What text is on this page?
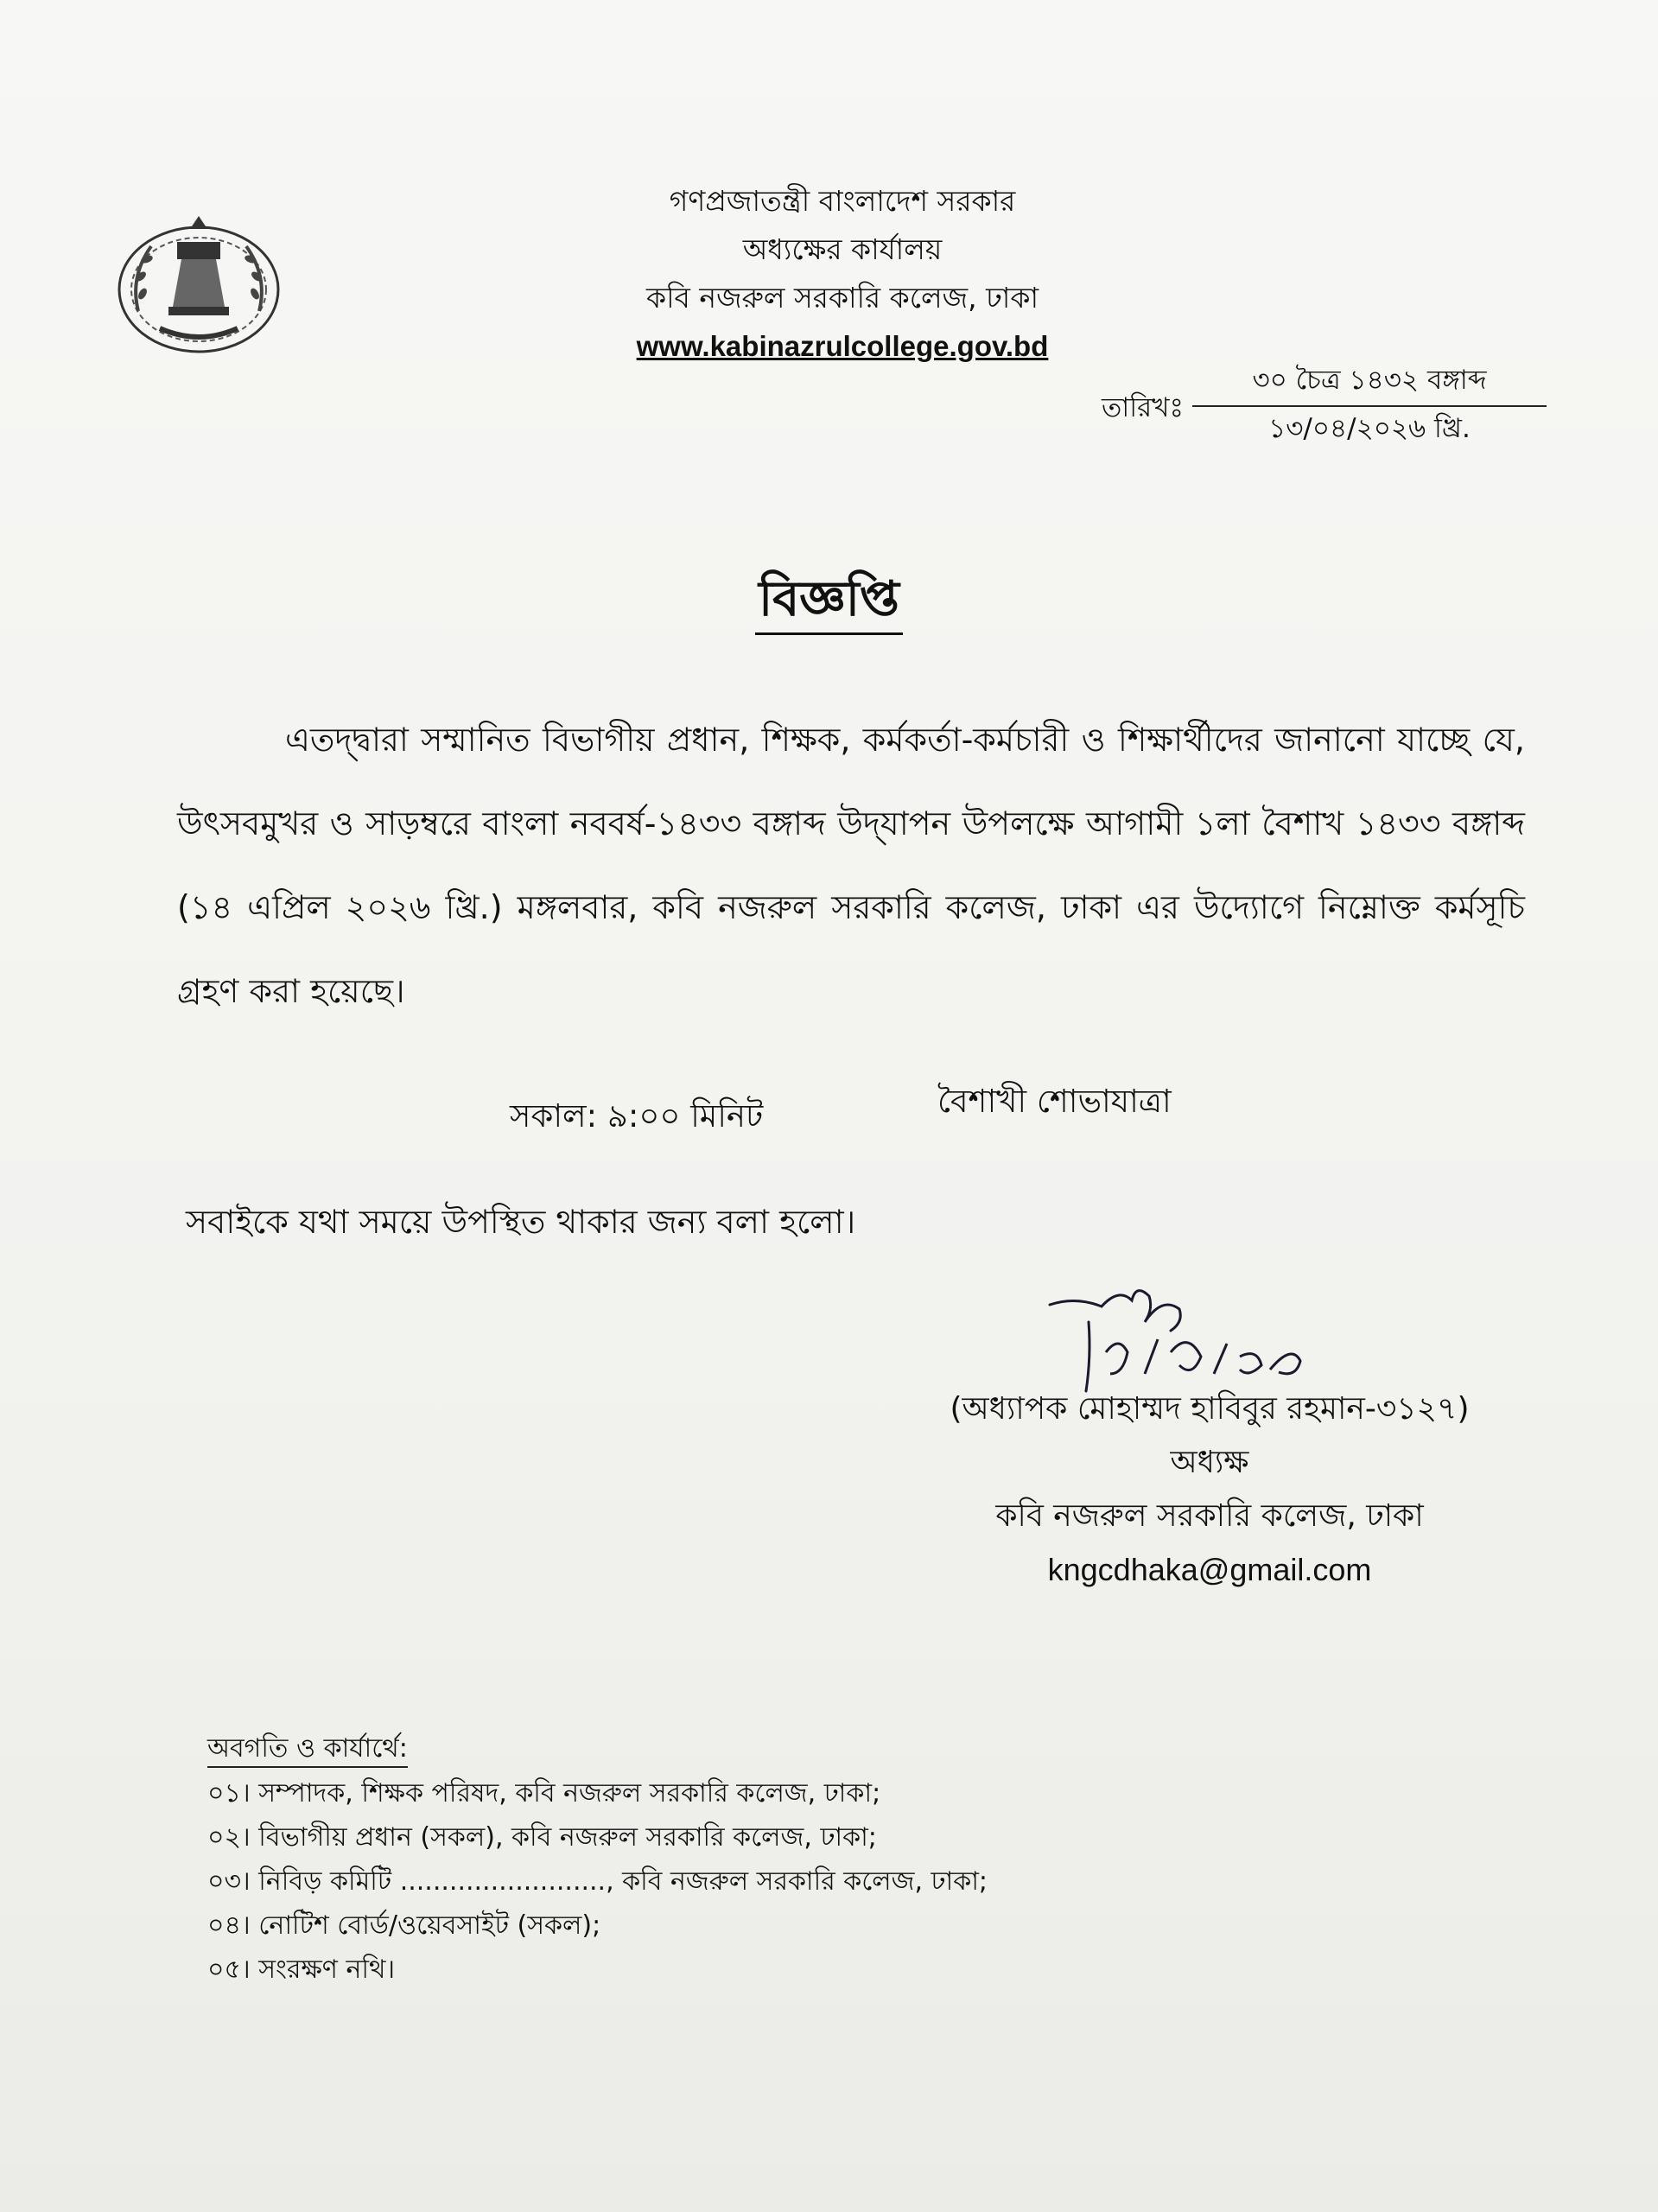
গণপ্রজাতন্ত্রী বাংলাদেশ সরকার
অধ্যক্ষের কার্যালয়
কবি নজরুল সরকারি কলেজ, ঢাকা
www.kabinazrulcollege.gov.bd
তারিখঃ
৩০ চৈত্র ১৪৩২ বঙ্গাব্দ
১৩/০৪/২০২৬ খ্রি.
বিজ্ঞপ্তি
এতদ্দ্বারা সম্মানিত বিভাগীয় প্রধান, শিক্ষক, কর্মকর্তা-কর্মচারী ও শিক্ষার্থীদের জানানো যাচ্ছে যে, উৎসবমুখর ও সাড়ম্বরে বাংলা নববর্ষ-১৪৩৩ বঙ্গাব্দ উদ্‌যাপন উপলক্ষে আগামী ১লা বৈশাখ ১৪৩৩ বঙ্গাব্দ (১৪ এপ্রিল ২০২৬ খ্রি.) মঙ্গলবার, কবি নজরুল সরকারি কলেজ, ঢাকা এর উদ্যোগে নিম্নোক্ত কর্মসূচি গ্রহণ করা হয়েছে।
সকাল: ৯:০০ মিনিট	বৈশাখী শোভাযাত্রা
সবাইকে যথা সময়ে উপস্থিত থাকার জন্য বলা হলো।
(অধ্যাপক মোহাম্মদ হাবিবুর রহমান-৩১২৭)
অধ্যক্ষ
কবি নজরুল সরকারি কলেজ, ঢাকা
kngcdhaka@gmail.com
অবগতি ও কার্যার্থে:
০১। সম্পাদক, শিক্ষক পরিষদ, কবি নজরুল সরকারি কলেজ, ঢাকা;
০২। বিভাগীয় প্রধান (সকল), কবি নজরুল সরকারি কলেজ, ঢাকা;
০৩। নিবিড় কমিটি ........................., কবি নজরুল সরকারি কলেজ, ঢাকা;
০৪। নোটিশ বোর্ড/ওয়েবসাইট (সকল);
০৫। সংরক্ষণ নথি।
